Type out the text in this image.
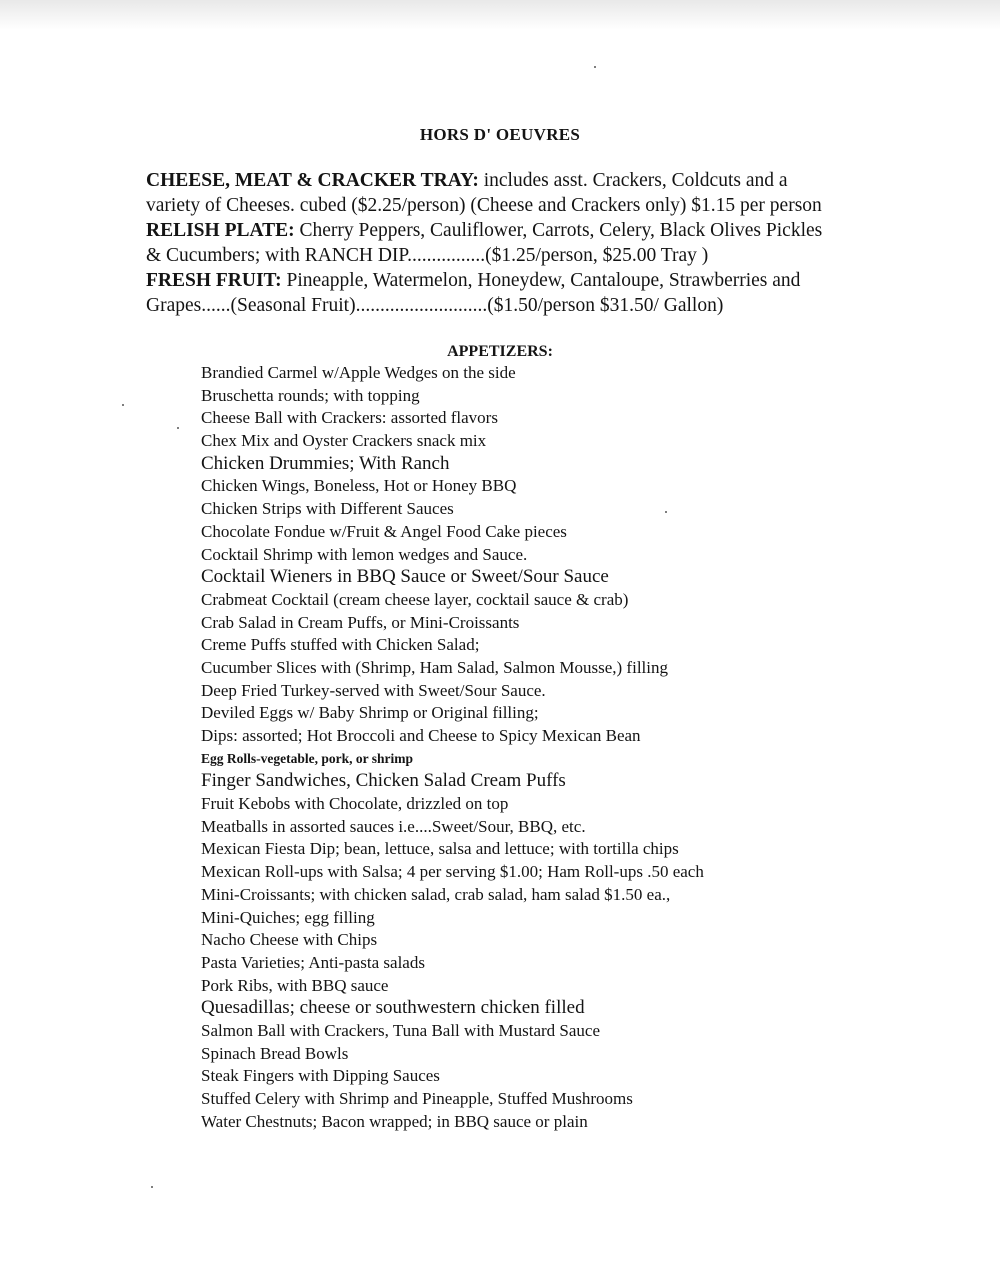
HORS D' OEUVRES

CHEESE, MEAT & CRACKER TRAY: includes asst. Crackers, Coldcuts and a variety of Cheeses. cubed ($2.25/person) (Cheese and Crackers only) $1.15 per person

RELISH PLATE: Cherry Peppers, Cauliflower, Carrots, Celery, Black Olives Pickles & Cucumbers; with RANCH DIP................($1.25/person, $25.00 Tray )

FRESH FRUIT: Pineapple, Watermelon, Honeydew, Cantaloupe, Strawberries and Grapes......(Seasonal Fruit)...........................($1.50/person $31.50/ Gallon)

APPETIZERS:
Brandied Carmel w/Apple Wedges on the side
Bruschetta rounds; with topping
Cheese Ball with Crackers: assorted flavors
Chex Mix and Oyster Crackers snack mix
Chicken Drummies; With Ranch
Chicken Wings, Boneless, Hot or Honey BBQ
Chicken Strips with Different Sauces
Chocolate Fondue w/Fruit & Angel Food Cake pieces
Cocktail Shrimp with lemon wedges and Sauce.
Cocktail Wieners in BBQ Sauce or Sweet/Sour Sauce
Crabmeat Cocktail (cream cheese layer, cocktail sauce & crab)
Crab Salad in Cream Puffs, or Mini-Croissants
Creme Puffs stuffed with Chicken Salad;
Cucumber Slices with (Shrimp, Ham Salad, Salmon Mousse,) filling
Deep Fried Turkey-served with Sweet/Sour Sauce.
Deviled Eggs w/ Baby Shrimp or Original filling;
Dips: assorted; Hot Broccoli and Cheese to Spicy Mexican Bean
Egg Rolls-vegetable, pork, or shrimp
Finger Sandwiches, Chicken Salad Cream Puffs
Fruit Kebobs with Chocolate, drizzled on top
Meatballs in assorted sauces i.e....Sweet/Sour, BBQ, etc.
Mexican Fiesta Dip; bean, lettuce, salsa and lettuce; with tortilla chips
Mexican Roll-ups with Salsa; 4 per serving $1.00; Ham Roll-ups .50 each
Mini-Croissants; with chicken salad, crab salad, ham salad $1.50 ea.,
Mini-Quiches; egg filling
Nacho Cheese with Chips
Pasta Varieties; Anti-pasta salads
Pork Ribs, with BBQ sauce
Quesadillas; cheese or southwestern chicken filled
Salmon Ball with Crackers, Tuna Ball with Mustard Sauce
Spinach Bread Bowls
Steak Fingers with Dipping Sauces
Stuffed Celery with Shrimp and Pineapple, Stuffed Mushrooms
Water Chestnuts; Bacon wrapped; in BBQ sauce or plain
